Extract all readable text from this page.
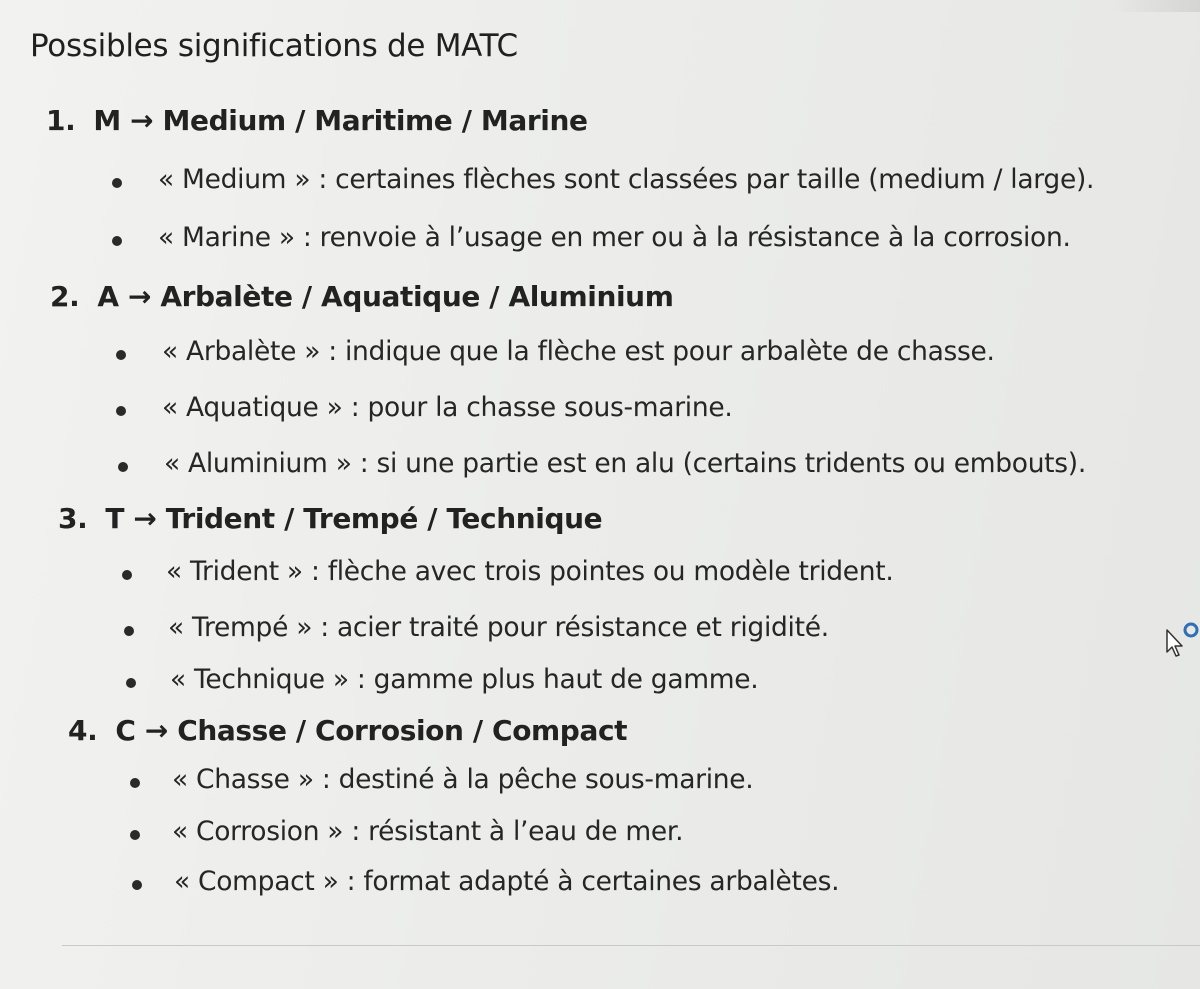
Possibles significations de MATC
1. M → Medium / Maritime / Marine
« Medium » : certaines flèches sont classées par taille (medium / large).
« Marine » : renvoie à l’usage en mer ou à la résistance à la corrosion.
2. A → Arbalète / Aquatique / Aluminium
« Arbalète » : indique que la flèche est pour arbalète de chasse.
« Aquatique » : pour la chasse sous-marine.
« Aluminium » : si une partie est en alu (certains tridents ou embouts).
3. T → Trident / Trempé / Technique
« Trident » : flèche avec trois pointes ou modèle trident.
« Trempé » : acier traité pour résistance et rigidité.
« Technique » : gamme plus haut de gamme.
4. C → Chasse / Corrosion / Compact
« Chasse » : destiné à la pêche sous-marine.
« Corrosion » : résistant à l’eau de mer.
« Compact » : format adapté à certaines arbalètes.
